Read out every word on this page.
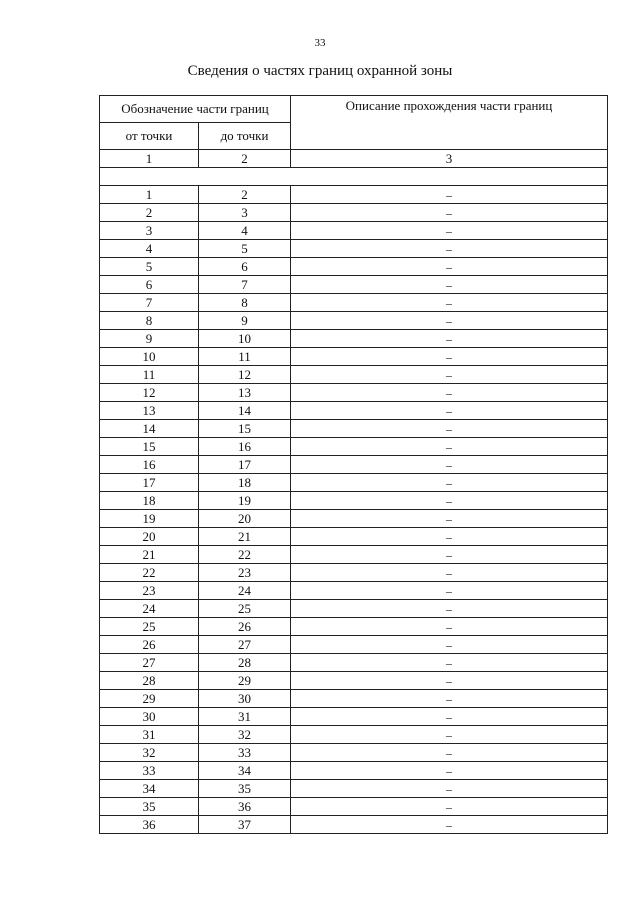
33
Сведения о частях границ охранной зоны
Обозначение части границ		Описание прохождения части границ
от точки	до точки	
1	2	3

1	2	–
2	3	–
3	4	–
4	5	–
5	6	–
6	7	–
7	8	–
8	9	–
9	10	–
10	11	–
11	12	–
12	13	–
13	14	–
14	15	–
15	16	–
16	17	–
17	18	–
18	19	–
19	20	–
20	21	–
21	22	–
22	23	–
23	24	–
24	25	–
25	26	–
26	27	–
27	28	–
28	29	–
29	30	–
30	31	–
31	32	–
32	33	–
33	34	–
34	35	–
35	36	–
36	37	–
